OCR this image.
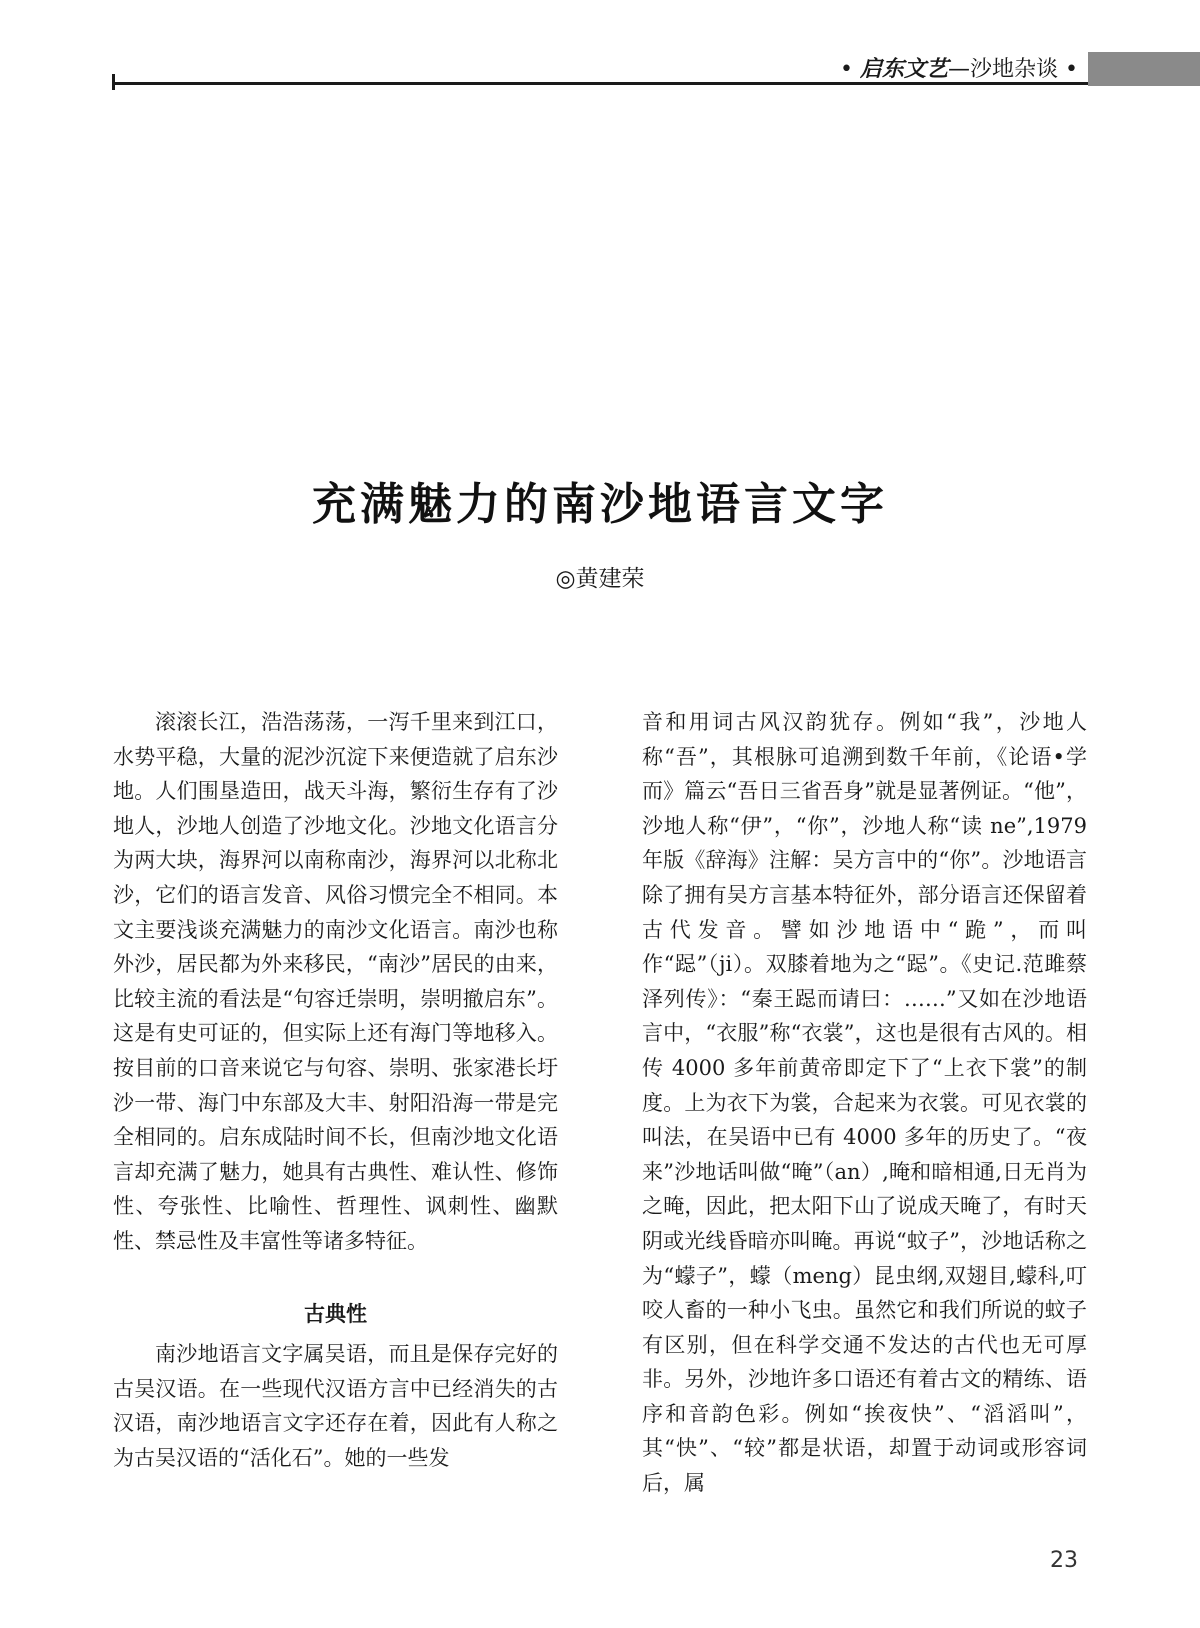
• 启东文艺—沙地杂谈 •
充满魅力的南沙地语言文字
◎黄建荣

滚滚长江，浩浩荡荡，一泻千里来到江口，水势平稳，大量的泥沙沉淀下来便造就了启东沙地。人们围垦造田，战天斗海，繁衍生存有了沙地人，沙地人创造了沙地文化。沙地文化语言分为两大块，海界河以南称南沙，海界河以北称北沙，它们的语言发音、风俗习惯完全不相同。本文主要浅谈充满魅力的南沙文化语言。南沙也称外沙，居民都为外来移民，“南沙”居民的由来，比较主流的看法是“句容迁崇明，崇明撤启东”。这是有史可证的，但实际上还有海门等地移入。按目前的口音来说它与句容、崇明、张家港长圩沙一带、海门中东部及大丰、射阳沿海一带是完全相同的。启东成陆时间不长，但南沙地文化语言却充满了魅力，她具有古典性、难认性、修饰性、夸张性、比喻性、哲理性、讽刺性、幽默性、禁忌性及丰富性等诸多特征。

古典性

南沙地语言文字属吴语，而且是保存完好的古吴汉语。在一些现代汉语方言中已经消失的古汉语，南沙地语言文字还存在着，因此有人称之为古吴汉语的“活化石”。她的一些发

音和用词古风汉韵犹存。例如“我”，沙地人称“吾”，其根脉可追溯到数千年前，《论语•学而》篇云“吾日三省吾身”就是显著例证。“他”，沙地人称“伊”，“你”，沙地人称“读 ne”,1979 年版《辞海》注解：吴方言中的“你”。沙地语言除了拥有吴方言基本特征外，部分语言还保留着古代发音。譬如沙地语中“跪”，而叫作“跽”（ji）。双膝着地为之“跽”。《史记.范雎蔡泽列传》：“秦王跽而请曰：……”又如在沙地语言中，“衣服”称“衣裳”，这也是很有古风的。相传 4000 多年前黄帝即定下了“上衣下裳”的制度。上为衣下为裳，合起来为衣裳。可见衣裳的叫法，在吴语中已有 4000 多年的历史了。“夜来”沙地话叫做“晻”（an）,晻和暗相通,日无肖为之晻，因此，把太阳下山了说成天晻了，有时天阴或光线昏暗亦叫晻。再说“蚊子”，沙地话称之为“蠓子”，蠓（meng）昆虫纲,双翅目,蠓科,叮咬人畜的一种小飞虫。虽然它和我们所说的蚊子有区别，但在科学交通不发达的古代也无可厚非。另外，沙地许多口语还有着古文的精练、语序和音韵色彩。例如“挨夜快”、“滔滔叫”，其“快”、“较”都是状语，却置于动词或形容词后，属

23
